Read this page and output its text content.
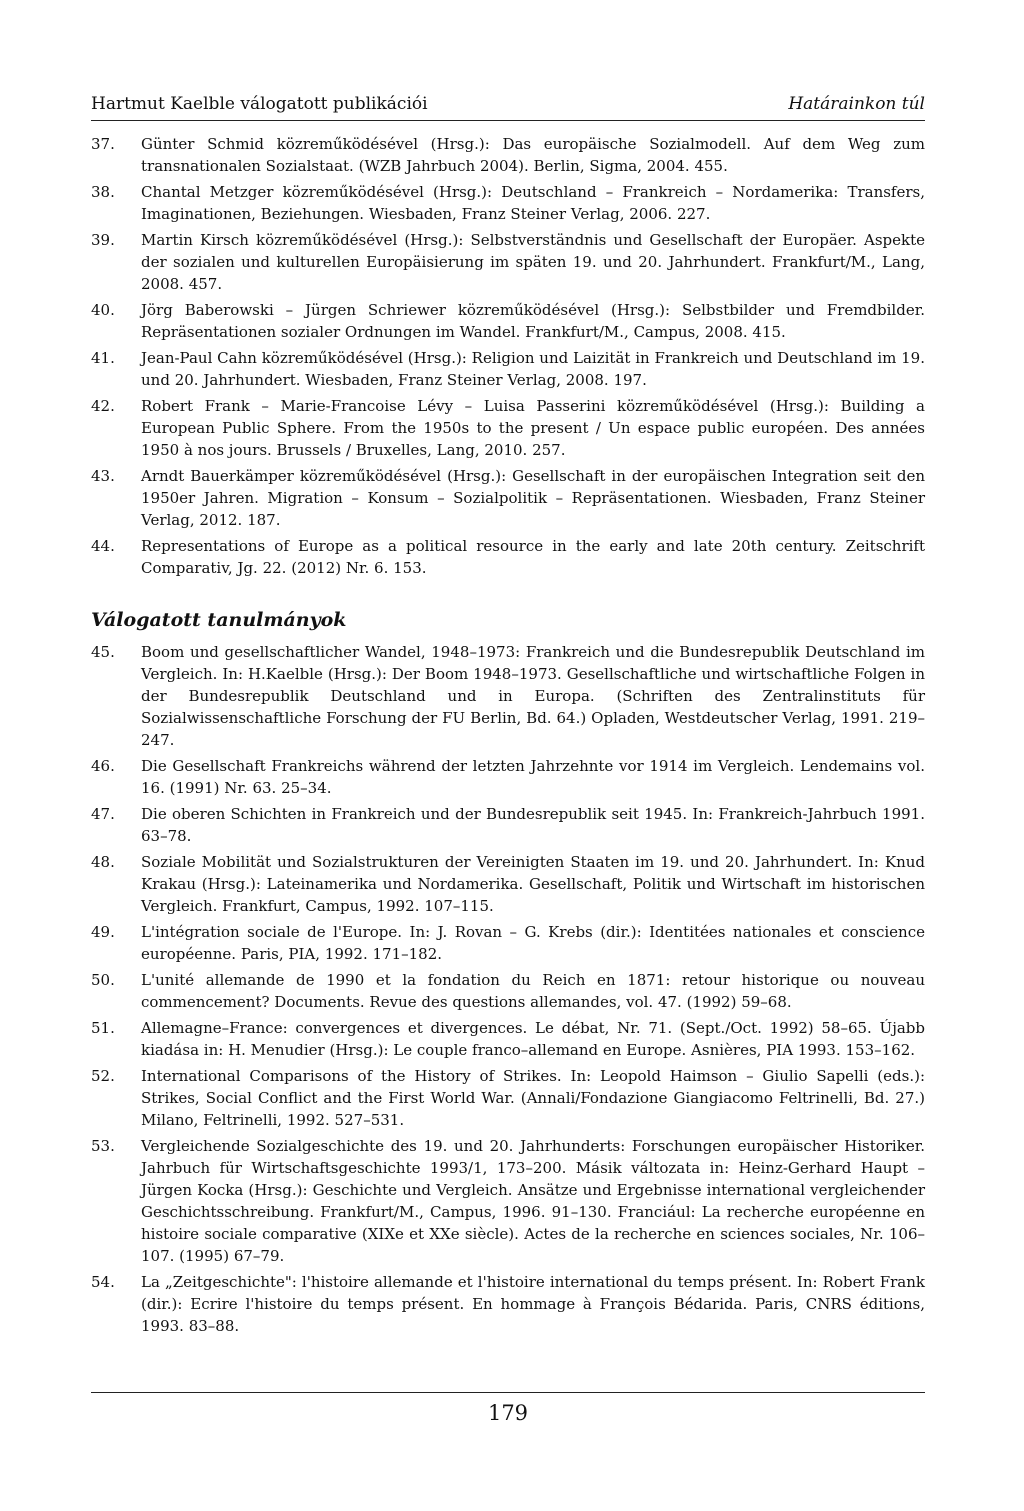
Hartmut Kaelble válogatott publikációi	Határainkon túl
37. Günter Schmid közreműködésével (Hrsg.): Das europäische Sozialmodell. Auf dem Weg zum transnationalen Sozialstaat. (WZB Jahrbuch 2004). Berlin, Sigma, 2004. 455.
38. Chantal Metzger közreműködésével (Hrsg.): Deutschland – Frankreich – Nordamerika: Transfers, Imaginationen, Beziehungen. Wiesbaden, Franz Steiner Verlag, 2006. 227.
39. Martin Kirsch közreműködésével (Hrsg.): Selbstverständnis und Gesellschaft der Europäer. Aspekte der sozialen und kulturellen Europäisierung im späten 19. und 20. Jahrhundert. Frankfurt/M., Lang, 2008. 457.
40. Jörg Baberowski – Jürgen Schriewer közreműködésével (Hrsg.): Selbstbilder und Fremdbilder. Repräsentationen sozialer Ordnungen im Wandel. Frankfurt/M., Campus, 2008. 415.
41. Jean-Paul Cahn közreműködésével (Hrsg.): Religion und Laizität in Frankreich und Deutschland im 19. und 20. Jahrhundert. Wiesbaden, Franz Steiner Verlag, 2008. 197.
42. Robert Frank – Marie-Francoise Lévy – Luisa Passerini közreműködésével (Hrsg.): Building a European Public Sphere. From the 1950s to the present / Un espace public européen. Des années 1950 à nos jours. Brussels / Bruxelles, Lang, 2010. 257.
43. Arndt Bauerkämper közreműködésével (Hrsg.): Gesellschaft in der europäischen Integration seit den 1950er Jahren. Migration – Konsum – Sozialpolitik – Repräsentationen. Wiesbaden, Franz Steiner Verlag, 2012. 187.
44. Representations of Europe as a political resource in the early and late 20th century. Zeitschrift Comparativ, Jg. 22. (2012) Nr. 6. 153.
Válogatott tanulmányok
45. Boom und gesellschaftlicher Wandel, 1948–1973: Frankreich und die Bundesrepublik Deutschland im Vergleich. In: H.Kaelble (Hrsg.): Der Boom 1948–1973. Gesellschaftliche und wirtschaftliche Folgen in der Bundesrepublik Deutschland und in Europa. (Schriften des Zentralinstituts für Sozialwissenschaftliche Forschung der FU Berlin, Bd. 64.) Opladen, Westdeutscher Verlag, 1991. 219–247.
46. Die Gesellschaft Frankreichs während der letzten Jahrzehnte vor 1914 im Vergleich. Lendemains vol. 16. (1991) Nr. 63. 25–34.
47. Die oberen Schichten in Frankreich und der Bundesrepublik seit 1945. In: Frankreich-Jahrbuch 1991. 63–78.
48. Soziale Mobilität und Sozialstrukturen der Vereinigten Staaten im 19. und 20. Jahrhundert. In: Knud Krakau (Hrsg.): Lateinamerika und Nordamerika. Gesellschaft, Politik und Wirtschaft im historischen Vergleich. Frankfurt, Campus, 1992. 107–115.
49. L'intégration sociale de l'Europe. In: J. Rovan – G. Krebs (dir.): Identitées nationales et conscience européenne. Paris, PIA, 1992. 171–182.
50. L'unité allemande de 1990 et la fondation du Reich en 1871: retour historique ou nouveau commencement? Documents. Revue des questions allemandes, vol. 47. (1992) 59–68.
51. Allemagne–France: convergences et divergences. Le débat, Nr. 71. (Sept./Oct. 1992) 58–65. Újabb kiadása in: H. Menudier (Hrsg.): Le couple franco–allemand en Europe. Asnières, PIA 1993. 153–162.
52. International Comparisons of the History of Strikes. In: Leopold Haimson – Giulio Sapelli (eds.): Strikes, Social Conflict and the First World War. (Annali/Fondazione Giangiacomo Feltrinelli, Bd. 27.) Milano, Feltrinelli, 1992. 527–531.
53. Vergleichende Sozialgeschichte des 19. und 20. Jahrhunderts: Forschungen europäischer Historiker. Jahrbuch für Wirtschaftsgeschichte 1993/1, 173–200. Másik változata in: Heinz-Gerhard Haupt – Jürgen Kocka (Hrsg.): Geschichte und Vergleich. Ansätze und Ergebnisse international vergleichender Geschichtsschreibung. Frankfurt/M., Campus, 1996. 91–130. Franciául: La recherche européenne en histoire sociale comparative (XIXe et XXe siècle). Actes de la recherche en sciences sociales, Nr. 106–107. (1995) 67–79.
54. La „Zeitgeschichte": l'histoire allemande et l'histoire international du temps présent. In: Robert Frank (dir.): Ecrire l'histoire du temps présent. En hommage à François Bédarida. Paris, CNRS éditions, 1993. 83–88.
179
